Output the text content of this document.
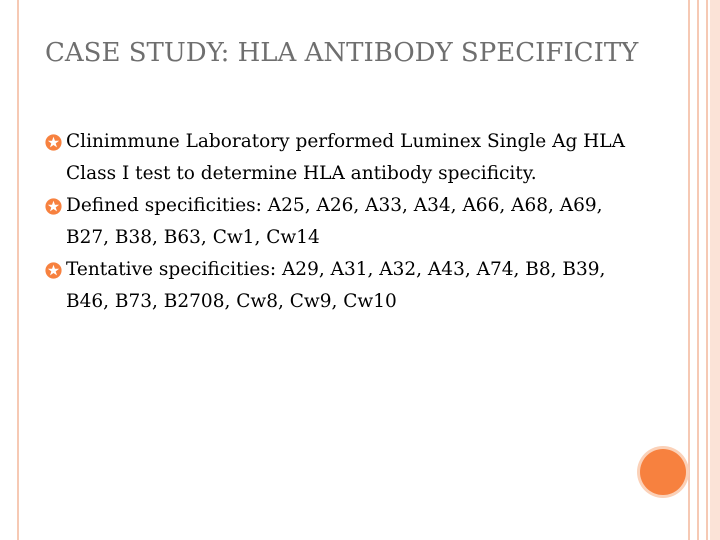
CASE STUDY: HLA ANTIBODY SPECIFICITY
Clinimmune Laboratory performed Luminex Single Ag HLA Class I test to determine HLA antibody specificity.
Defined specificities: A25, A26, A33, A34, A66, A68, A69, B27, B38, B63, Cw1, Cw14
Tentative specificities: A29, A31, A32, A43, A74, B8, B39, B46, B73, B2708, Cw8, Cw9, Cw10
